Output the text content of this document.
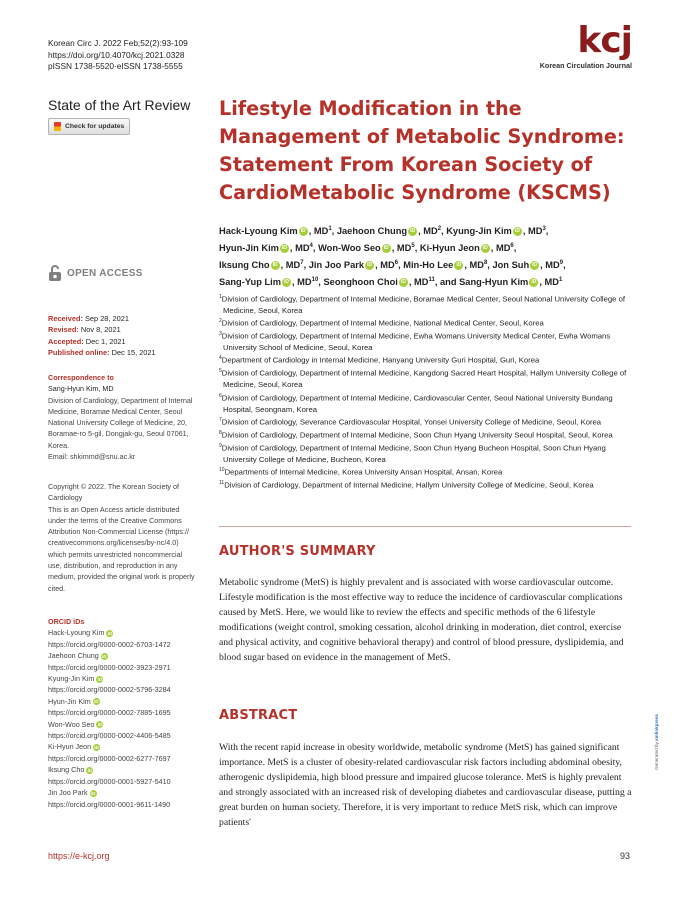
Korean Circ J. 2022 Feb;52(2):93-109
https://doi.org/10.4070/kcj.2021.0328
pISSN 1738-5520·eISSN 1738-5555
kcj
Korean Circulation Journal
State of the Art Review
Check for updates
OPEN ACCESS
Received: Sep 28, 2021
Revised: Nov 8, 2021
Accepted: Dec 1, 2021
Published online: Dec 15, 2021
Correspondence to
Sang-Hyun Kim, MD
Division of Cardiology, Department of Internal
Medicine, Boramae Medical Center, Seoul
National University College of Medicine, 20,
Boramae-ro 5-gil, Dongjak-gu, Seoul 07061,
Korea.
Email: shkimmd@snu.ac.kr
Copyright © 2022. The Korean Society of
Cardiology
This is an Open Access article distributed
under the terms of the Creative Commons
Attribution Non-Commercial License (https://
creativecommons.org/licenses/by-nc/4.0)
which permits unrestricted noncommercial
use, distribution, and reproduction in any
medium, provided the original work is properly
cited.
ORCID iDs
Hack-Lyoung Kim iD
https://orcid.org/0000-0002-6703-1472
Jaehoon Chung iD
https://orcid.org/0000-0002-3923-2971
Kyung-Jin Kim iD
https://orcid.org/0000-0002-5796-3284
Hyun-Jin Kim iD
https://orcid.org/0000-0002-7885-1695
Won-Woo Seo iD
https://orcid.org/0000-0002-4406-5485
Ki-Hyun Jeon iD
https://orcid.org/0000-0002-6277-7697
Iksung Cho iD
https://orcid.org/0000-0001-5927-5410
Jin Joo Park iD
https://orcid.org/0000-0001-9611-1490
Lifestyle Modification in the Management of Metabolic Syndrome: Statement From Korean Society of CardioMetabolic Syndrome (KSCMS)
Hack-Lyoung Kim iD , $MD^1$, Jaehoon Chung iD , $MD^2$, Kyung-Jin Kim iD , $MD^3$,
Hyun-Jin Kim iD , $MD^4$, Won-Woo Seo iD , $MD^5$, Ki-Hyun Jeon iD , $MD^6$,
Iksung Cho iD , $MD^7$, Jin Joo Park iD , $MD^6$, Min-Ho Lee iD , $MD^8$, Jon Suh iD , $MD^9$,
Sang-Yup Lim iD , MD$^{10}$, Seonghoon Choi iD , MD$^{11}$, and Sang-Hyun Kim iD , $MD^1$

$^1$Division of Cardiology, Department of Internal Medicine, Boramae Medical Center, Seoul National University College of Medicine, Seoul, Korea

$^2$Division of Cardiology, Department of Internal Medicine, National Medical Center, Seoul, Korea

$^3$Division of Cardiology, Department of Internal Medicine, Ewha Womans University Medical Center, Ewha Womans University School of Medicine, Seoul, Korea

$^4$Department of Cardiology in Internal Medicine, Hanyang University Guri Hospital, Guri, Korea

$^5$Division of Cardiology, Department of Internal Medicine, Kangdong Sacred Heart Hospital, Hallym University College of Medicine, Seoul, Korea

$^6$Division of Cardiology, Department of Internal Medicine, Cardiovascular Center, Seoul National University Bundang Hospital, Seongnam, Korea

$^7$Division of Cardiology, Severance Cardiovascular Hospital, Yonsei University College of Medicine, Seoul, Korea

$^8$Division of Cardiology, Department of Internal Medicine, Soon Chun Hyang University Seoul Hospital, Seoul, Korea

$^9$Division of Cardiology, Department of Internal Medicine, Soon Chun Hyang Bucheon Hospital, Soon Chun Hyang University College of Medicine, Bucheon, Korea

$^{10}$Departments of Internal Medicine, Korea University Ansan Hospital, Ansan, Korea

$^{11}$Division of Cardiology, Department of Internal Medicine, Hallym University College of Medicine, Seoul, Korea

AUTHOR'S SUMMARY
Metabolic syndrome (MetS) is highly prevalent and is associated with worse cardiovascular outcome. Lifestyle modification is the most effective way to reduce the incidence of cardiovascular complications caused by MetS. Here, we would like to review the effects and specific methods of the 6 lifestyle modifications (weight control, smoking cessation, alcohol drinking in moderation, diet control, exercise and physical activity, and cognitive behavioral therapy) and control of blood pressure, dyslipidemia, and blood sugar based on evidence in the management of MetS.
ABSTRACT
With the recent rapid increase in obesity worldwide, metabolic syndrome (MetS) has gained significant importance. MetS is a cluster of obesity-related cardiovascular risk factors including abdominal obesity, atherogenic dyslipidemia, high blood pressure and impaired glucose tolerance. MetS is highly prevalent and strongly associated with an increased risk of developing diabetes and cardiovascular disease, putting a great burden on human society. Therefore, it is very important to reduce MetS risk, which can improve patients'
https://e-kcj.org	93
Generated by xmlinkpress
